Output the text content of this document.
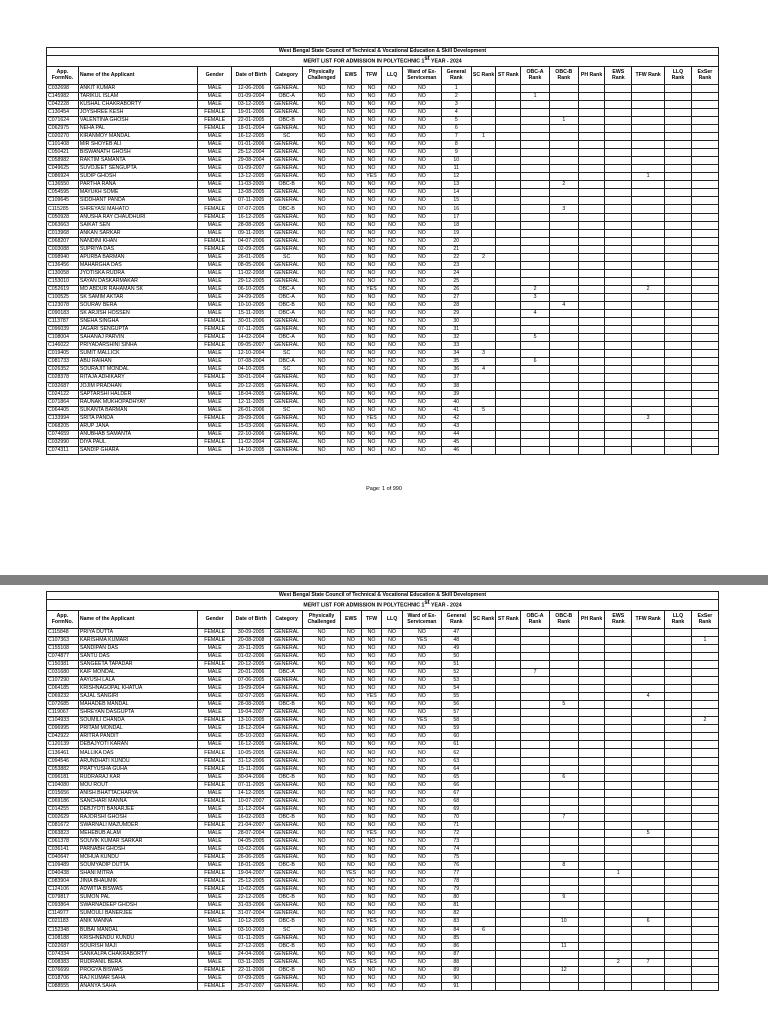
West Bengal State Council of Technical & Vocational Education & Skill Development																			
MERIT LIST FOR ADMISSION IN POLYTECHNIC 1st YEAR - 2024																			
App. FormNo.	Name of the Applicant	Gender	Date of Birth	Category	Physically Challenged	EWS	TFW	LLQ	Ward of Ex-Serviceman	General Rank	SC Rank	ST Rank	OBC-A Rank	OBC-B Rank	PH Rank	EWS Rank	TFW Rank	LLQ Rank	ExSer Rank
C032698	ANKIT KUMAR	MALE	12-06-2006	GENERAL	NO	NO	NO	NO	NO	1									
C145982	TARIKUL ISLAM	MALE	01-09-2004	OBC-A	NO	NO	NO	NO	NO	2			1						
C042228	KUSHAL CHAKRABORTY	MALE	03-12-2005	GENERAL	NO	NO	NO	NO	NO	3									
C130454	JOYSHREE KESH	FEMALE	19-01-2006	GENERAL	NO	NO	NO	NO	NO	4									
C071624	VALENTINA GHOSH	FEMALE	22-01-2005	OBC-B	NO	NO	NO	NO	NO	5				1					
C062975	NEHA PAL	FEMALE	18-01-2004	GENERAL	NO	NO	NO	NO	NO	6									
C020270	KIRANMOY MANDAL	MALE	16-12-2005	SC	NO	NO	NO	NO	NO	7	1								
C101408	MIR SHOYEB ALI	MALE	01-01-2006	GENERAL	NO	NO	NO	NO	NO	8									
C050421	BISWANATH GHOSH	MALE	25-12-2004	GENERAL	NO	NO	NO	NO	NO	9									
C058982	RAKTIM SAMANTA	MALE	29-08-2004	GENERAL	NO	NO	NO	NO	NO	10									
C049625	SUVOJEET SENGUPTA	MALE	01-09-2007	GENERAL	NO	NO	NO	NO	NO	11									
C086924	SUDIP GHOSH	MALE	13-12-2005	GENERAL	NO	NO	YES	NO	NO	12							1		
C136550	PARTHA RANA	MALE	11-03-2005	OBC-B	NO	NO	NO	NO	NO	13				2					
C054595	MAYUKH SOME	MALE	13-08-2005	GENERAL	NO	NO	NO	NO	NO	14									
C109645	SIDDHANT PANDA	MALE	07-11-2005	GENERAL	NO	NO	NO	NO	NO	15									
C115285	SHREYASI MAHATO	FEMALE	07-07-2005	OBC-B	NO	NO	NO	NO	NO	16				3					
C050928	ANUSHA RAY CHAUDHURI	FEMALE	16-12-2005	GENERAL	NO	NO	NO	NO	NO	17									
C063663	SAIKAT SEN	MALE	28-08-2005	GENERAL	NO	NO	NO	NO	NO	18									
C013968	ANKAN SARKAR	MALE	09-11-2005	GENERAL	NO	NO	NO	NO	NO	19									
C068207	NANDINI KHAN	FEMALE	04-07-2006	GENERAL	NO	NO	NO	NO	NO	20									
C003088	SUPRIYA DAS	FEMALE	02-09-2005	GENERAL	NO	NO	NO	NO	NO	21									
C098940	APURBA BARMAN	MALE	26-01-2005	SC	NO	NO	NO	NO	NO	22	2								
C136456	MAHARGHA DAS	MALE	08-05-2006	GENERAL	NO	NO	NO	NO	NO	23									
C130058	JYOTISKA RUDRA	MALE	11-02-2008	GENERAL	NO	NO	NO	NO	NO	24									
C153010	SAYAN DASKARMAKAR	MALE	29-12-2005	GENERAL	NO	NO	NO	NO	NO	25									
C052619	MD ABDUR RAHAMAN SK	MALE	06-10-2005	OBC-A	NO	NO	YES	NO	NO	26			2				2		
C100525	SK SAMIM AKTAR	MALE	24-09-2005	OBC-A	NO	NO	NO	NO	NO	27			3						
C123078	SOURAV BERA	MALE	10-10-2005	OBC-B	NO	NO	NO	NO	NO	28				4					
C090183	SK ARJISH HOSSEN	MALE	15-11-2005	OBC-A	NO	NO	NO	NO	NO	29			4						
C113787	SNEHA SINGHA	FEMALE	30-01-2006	GENERAL	NO	NO	NO	NO	NO	30									
C096039	JAGARI SENGUPTA	FEMALE	07-11-2005	GENERAL	NO	NO	NO	NO	NO	31									
C108004	SAHANAJ PARVIN	FEMALE	14-02-2004	OBC-A	NO	NO	NO	NO	NO	32			5						
C146022	PRIYADARSHINI SINHA	FEMALE	09-05-2007	GENERAL	NO	NO	NO	NO	NO	33									
C019405	SUMIT MALLICK	MALE	12-10-2004	SC	NO	NO	NO	NO	NO	34	3								
C081733	ABU RAIHAN	MALE	07-08-2004	OBC-A	NO	NO	NO	NO	NO	35			6						
C026352	SOURAJIT MONDAL	MALE	04-10-2005	SC	NO	NO	NO	NO	NO	36	4								
C028378	RITAJA ADHIKARY	FEMALE	30-01-2004	GENERAL	NO	NO	NO	NO	NO	37									
C032687	JOJIM PRADHAN	MALE	20-12-2005	GENERAL	NO	NO	NO	NO	NO	38									
C024122	SAPTARSHI HALDER	MALE	18-04-2005	GENERAL	NO	NO	NO	NO	NO	39									
C071864	RAUNAK MUKHOPADHYAY	MALE	12-11-2005	GENERAL	NO	NO	NO	NO	NO	40									
C064405	SUKANTA BARMAN	MALE	26-01-2006	SC	NO	NO	NO	NO	NO	41	5								
C133994	SRITA PANDA	FEMALE	29-09-2006	GENERAL	NO	NO	YES	NO	NO	42							3		
C068205	ARUP JANA	MALE	15-03-2006	GENERAL	NO	NO	NO	NO	NO	43									
C074659	ANUBHAB SAMANTA	MALE	22-10-2006	GENERAL	NO	NO	NO	NO	NO	44									
C032990	DIYA PAUL	FEMALE	11-02-2004	GENERAL	NO	NO	NO	NO	NO	45									
C074311	SANDIP GHARA	MALE	14-10-2005	GENERAL	NO	NO	NO	NO	NO	46									
Page: 1 of 990
West Bengal State Council of Technical & Vocational Education & Skill Development																			
MERIT LIST FOR ADMISSION IN POLYTECHNIC 1st YEAR - 2024																			
App. FormNo.	Name of the Applicant	Gender	Date of Birth	Category	Physically Challenged	EWS	TFW	LLQ	Ward of Ex-Serviceman	General Rank	SC Rank	ST Rank	OBC-A Rank	OBC-B Rank	PH Rank	EWS Rank	TFW Rank	LLQ Rank	ExSer Rank
C115848	PRIYA DUTTA	FEMALE	30-09-2005	GENERAL	NO	NO	NO	NO	NO	47									
C107363	KARISHMA KUMARI	FEMALE	20-08-2008	GENERAL	NO	NO	NO	NO	YES	48									1
C155108	SANDIPAN DAS	MALE	20-11-2005	GENERAL	NO	NO	NO	NO	NO	49									
C074877	SANTU DAS	MALE	01-02-2006	GENERAL	NO	NO	NO	NO	NO	50									
C150381	SANGEETA TAPADAR	FEMALE	20-12-2005	GENERAL	NO	NO	NO	NO	NO	51									
C031680	KAIF MONDAL	MALE	20-01-2006	OBC-A	NO	NO	NO	NO	NO	52			7						
C107290	AAYUSH LALA	MALE	07-06-2005	GENERAL	NO	NO	NO	NO	NO	53									
C064185	KRISHNAGOPAL KHATUA	MALE	19-09-2004	GENERAL	NO	NO	NO	NO	NO	54									
C069232	SAJAL SANGIRI	MALE	02-07-2005	GENERAL	NO	NO	YES	NO	NO	55							4		
C072685	MAHADEB MANDAL	MALE	28-08-2005	OBC-B	NO	NO	NO	NO	NO	56				5					
C119067	SHREYAN DASGUPTA	MALE	19-04-2007	GENERAL	NO	NO	NO	NO	NO	57									
C104933	SOUMILI CHANDA	FEMALE	13-10-2005	GENERAL	NO	NO	NO	NO	YES	58									2
C096995	PRITAM MONDAL	MALE	18-12-2004	GENERAL	NO	NO	NO	NO	NO	59									
C042922	ARITRA PANDIT	MALE	05-10-2003	GENERAL	NO	NO	NO	NO	NO	60									
C120139	DEBAJYOTI KARAN	MALE	16-12-2005	GENERAL	NO	NO	NO	NO	NO	61									
C136461	MALLIKA DAS	FEMALE	10-05-2005	GENERAL	NO	NO	NO	NO	NO	62									
C094546	ARUNDHATI KUNDU	FEMALE	31-12-2006	GENERAL	NO	NO	NO	NO	NO	63									
C053882	PRATYUSHA GUHA	FEMALE	15-11-2006	GENERAL	NO	NO	NO	NO	NO	64									
C096181	RUDRARAJ KAR	MALE	30-04-2006	OBC-B	NO	NO	NO	NO	NO	65				6					
C104080	MOU ROUT	FEMALE	07-11-2005	GENERAL	NO	NO	NO	NO	NO	66									
C015656	ANISH BHATTACHARYA	MALE	14-12-2005	GENERAL	NO	NO	NO	NO	NO	67									
C069186	SANCHARI MANNA	FEMALE	10-07-2007	GENERAL	NO	NO	NO	NO	NO	68									
C014255	DEBJYOTI BANARJEE	MALE	31-12-2004	GENERAL	NO	NO	NO	NO	NO	69									
C002629	RAJORSHI GHOSH	MALE	16-02-2003	OBC-B	NO	NO	NO	NO	NO	70				7					
C081672	SWARNALI MAZUMDER	FEMALE	21-04-2007	GENERAL	NO	NO	NO	NO	NO	71									
C063823	MEHEBUB ALAM	MALE	28-07-2004	GENERAL	NO	NO	YES	NO	NO	72							5		
C061378	SOUVIK KUMAR SARKAR	MALE	04-05-2005	GENERAL	NO	NO	NO	NO	NO	73									
C036141	PARNABH GHOSH	MALE	03-02-2006	GENERAL	NO	NO	NO	NO	NO	74									
C040647	MOHUA KUNDU	FEMALE	26-06-2005	GENERAL	NO	NO	NO	NO	NO	75									
C109489	SOUMYADIP DUTTA	MALE	18-01-2005	OBC-B	NO	NO	NO	NO	NO	76				8					
C040438	SHANI MITRA	FEMALE	19-04-2007	GENERAL	NO	YES	NO	NO	NO	77						1			
C083904	JINIA BHAUMIK	FEMALE	25-12-2005	GENERAL	NO	NO	NO	NO	NO	78									
C124106	ADWITIA BISWAS	FEMALE	10-02-2005	GENERAL	NO	NO	NO	NO	NO	79									
C079817	SUMON PAL	MALE	22-12-2005	OBC-B	NO	NO	NO	NO	NO	80				9					
C093864	SWARNADEEP GHOSH	MALE	31-03-2006	GENERAL	NO	NO	NO	NO	NO	81									
C114977	SUMOULI BANERJEE	FEMALE	31-07-2004	GENERAL	NO	NO	NO	NO	NO	82									
C021183	ANIK MANNA	MALE	10-12-2005	OBC-B	NO	NO	YES	NO	NO	83				10			6		
C152348	BUBAI MANDAL	MALE	03-10-2003	SC	NO	NO	NO	NO	NO	84	6								
C108188	KRISHNENDU KUNDU	MALE	01-11-2005	GENERAL	NO	NO	NO	NO	NO	85									
C022687	SOURISH MAJI	MALE	27-12-2005	OBC-B	NO	NO	NO	NO	NO	86				11					
C074334	SANKALPA CHAKRABORTY	MALE	24-04-2006	GENERAL	NO	NO	NO	NO	NO	87									
C008383	RUDRANIL BERA	MALE	03-11-2005	GENERAL	NO	YES	YES	NO	NO	88						2	7		
C076699	PROGYA BISWAS	FEMALE	22-11-2006	OBC-B	NO	NO	NO	NO	NO	89				12					
C018706	RAJ KUMAR SAHA	MALE	07-09-2005	GENERAL	NO	NO	NO	NO	NO	90									
C088555	ANANYA SAHA	FEMALE	25-07-2007	GENERAL	NO	NO	NO	NO	NO	91									
